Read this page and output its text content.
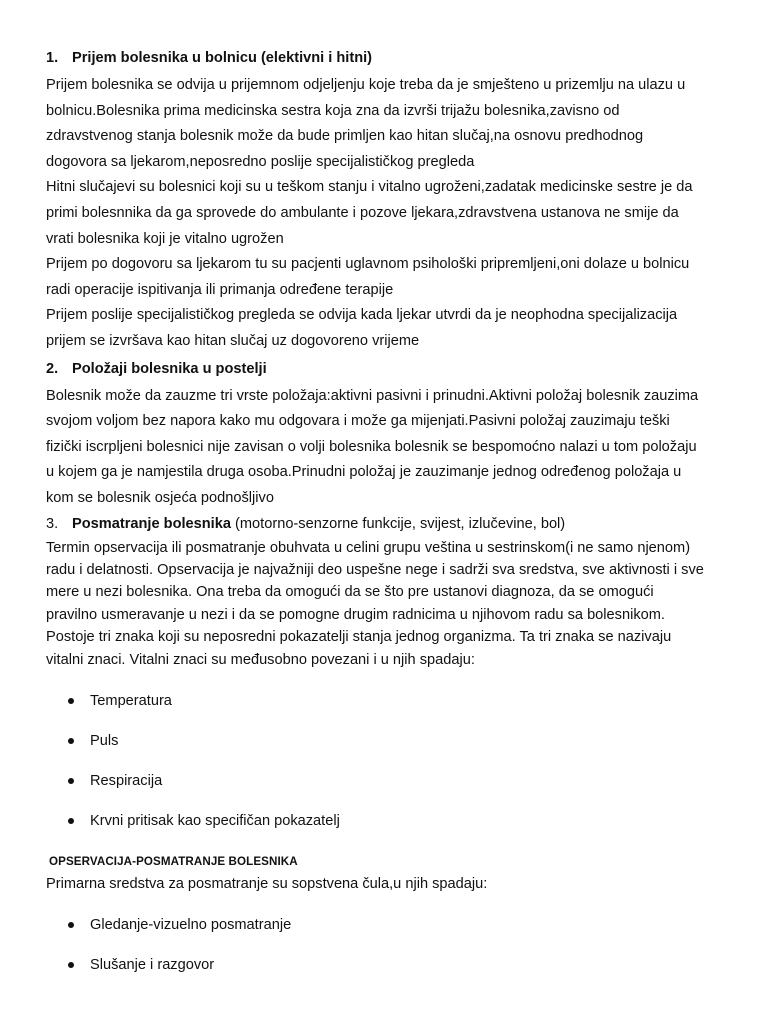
1. Prijem bolesnika u bolnicu (elektivni i hitni)

Prijem bolesnika se odvija u prijemnom odjeljenju koje treba da je smješteno u prizemlju na ulazu u

bolnicu.Bolesnika prima medicinska sestra koja zna da izvrši trijažu bolesnika,zavisno od

zdravstvenog stanja bolesnik može da bude primljen kao hitan slučaj,na osnovu predhodnog

dogovora sa ljekarom,neposredno poslije specijalističkog pregleda

Hitni slučajevi su bolesnici koji su u teškom stanju i vitalno ugroženi,zadatak medicinske sestre je da

primi bolesnnika da ga sprovede do ambulante i pozove ljekara,zdravstvena ustanova ne smije da

vrati bolesnika koji je vitalno ugrožen

Prijem po dogovoru sa ljekarom tu su pacjenti uglavnom psihološki pripremljeni,oni dolaze u bolnicu

radi operacije ispitivanja ili primanja određene terapije

Prijem poslije specijalističkog pregleda se odvija kada ljekar utvrdi da je neophodna specijalizacija

prijem se izvršava kao hitan slučaj uz dogovoreno vrijeme

2. Položaji bolesnika u postelji

Bolesnik može da zauzme tri vrste položaja:aktivni pasivni i prinudni.Aktivni položaj bolesnik zauzima

svojom voljom bez napora kako mu odgovara i može ga mijenjati.Pasivni položaj zauzimaju teški

fizički iscrpljeni bolesnici nije zavisan o volji bolesnika bolesnik se bespomoćno nalazi u tom položaju

u kojem ga je namjestila druga osoba.Prinudni položaj je zauzimanje jednog određenog položaja u

kom se bolesnik osjeća podnošljivo

3. Posmatranje bolesnika (motorno-senzorne funkcije, svijest, izlučevine, bol)

Termin opservacija ili posmatranje obuhvata u celini grupu veština u sestrinskom(i ne samo njenom)

radu i delatnosti. Opservacija je najvažniji deo uspešne nege i sadrži sva sredstva, sve aktivnosti i sve

mere u nezi bolesnika. Ona treba da omogući da se što pre ustanovi diagnoza, da se omogući

pravilno usmeravanje u nezi i da se pomogne drugim radnicima u njihovom radu sa bolesnikom.

Postoje tri znaka koji su neposredni pokazatelji stanja jednog organizma. Ta tri znaka se nazivaju

vitalni znaci. Vitalni znaci su međusobno povezani i u njih spadaju:

Temperatura
Puls
Respiracija
Krvni pritisak kao specifičan pokazatelj

OPSERVACIJA-POSMATRANJE BOLESNIKA

Primarna sredstva za posmatranje su sopstvena čula,u njih spadaju:

Gledanje-vizuelno posmatranje
Slušanje i razgovor
